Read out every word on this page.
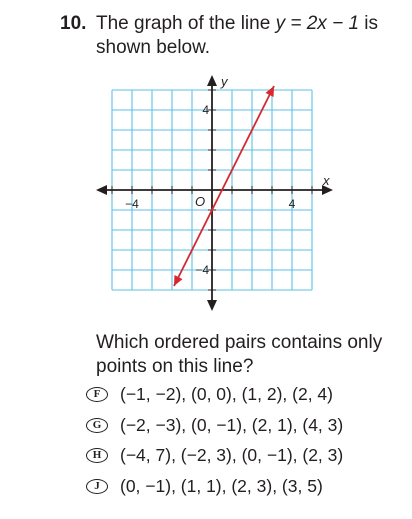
10. The graph of the line y = 2x − 1 is shown below.
x
y
O
−4	4
4
−4
Which ordered pairs contains only points on this line?
F	(−1, −2), (0, 0), (1, 2), (2, 4)
G	(−2, −3), (0, −1), (2, 1), (4, 3)
H	(−4, 7), (−2, 3), (0, −1), (2, 3)
J	(0, −1), (1, 1), (2, 3), (3, 5)
